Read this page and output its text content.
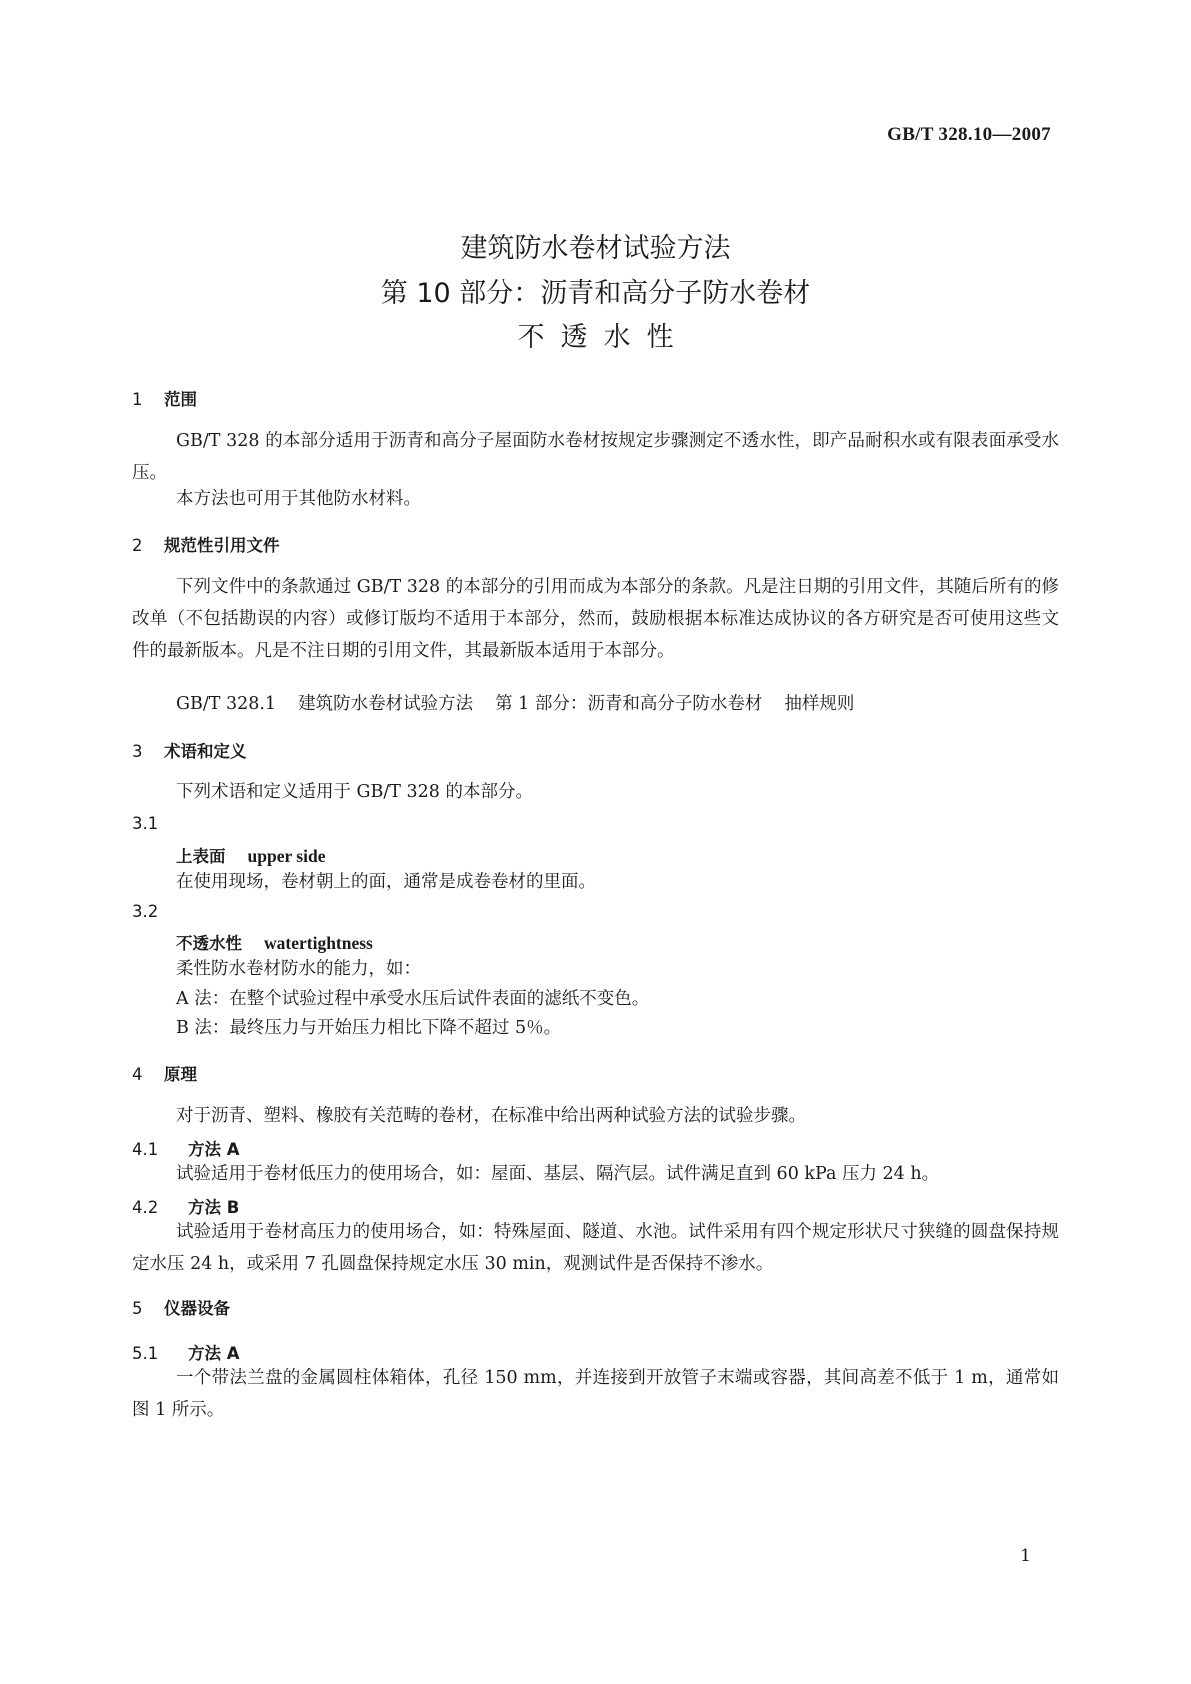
GB/T 328.10—2007
建筑防水卷材试验方法
第 10 部分：沥青和高分子防水卷材
不透水性
1 范围
GB/T 328 的本部分适用于沥青和高分子屋面防水卷材按规定步骤测定不透水性，即产品耐积水或有限表面承受水压。
本方法也可用于其他防水材料。
2 规范性引用文件
下列文件中的条款通过 GB/T 328 的本部分的引用而成为本部分的条款。凡是注日期的引用文件，其随后所有的修改单（不包括勘误的内容）或修订版均不适用于本部分，然而，鼓励根据本标准达成协议的各方研究是否可使用这些文件的最新版本。凡是不注日期的引用文件，其最新版本适用于本部分。
GB/T 328.1 建筑防水卷材试验方法 第 1 部分：沥青和高分子防水卷材 抽样规则
3 术语和定义
下列术语和定义适用于 GB/T 328 的本部分。
3.1
上表面 upper side
在使用现场，卷材朝上的面，通常是成卷卷材的里面。
3.2
不透水性 watertightness
柔性防水卷材防水的能力，如：
A 法：在整个试验过程中承受水压后试件表面的滤纸不变色。
B 法：最终压力与开始压力相比下降不超过 5％。
4 原理
对于沥青、塑料、橡胶有关范畴的卷材，在标准中给出两种试验方法的试验步骤。
4.1 方法 A
试验适用于卷材低压力的使用场合，如：屋面、基层、隔汽层。试件满足直到 60 kPa 压力 24 h。
4.2 方法 B
试验适用于卷材高压力的使用场合，如：特殊屋面、隧道、水池。试件采用有四个规定形状尺寸狭缝的圆盘保持规定水压 24 h，或采用 7 孔圆盘保持规定水压 30 min，观测试件是否保持不渗水。
5 仪器设备
5.1 方法 A
一个带法兰盘的金属圆柱体箱体，孔径 150 mm，并连接到开放管子末端或容器，其间高差不低于 1 m，通常如图 1 所示。
1
